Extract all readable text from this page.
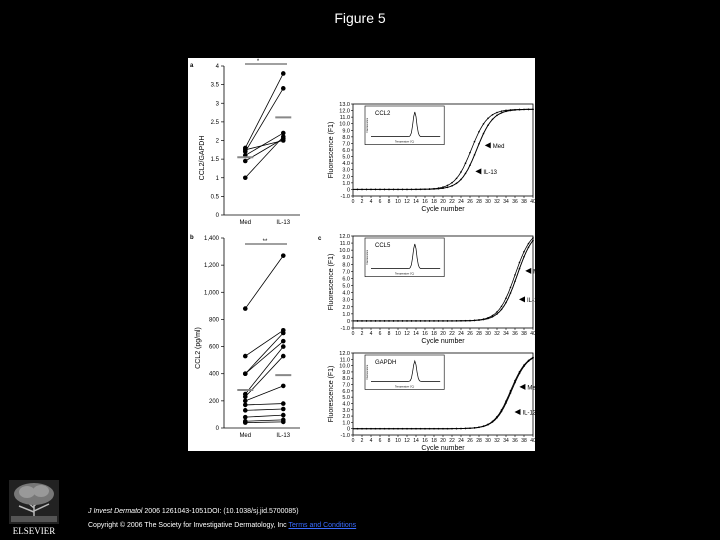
Figure 5
a
CCL2/GAPDH
*
b
CCL2 (pg/ml)
**	c
0
0.5
1
1.5
2
2.5
3
3.5
4
Med	IL-13
0
200
400
600
800
1,000
1,200
1,400
Med	IL-13
-1.0
0
1.0
2.0
3.0
4.0
5.0
6.0
7.0
8.0
9.0
10.0
11.0
12.0
13.0
0 2 4 6 8 10 12 14 16 18 20 22 24 26 28 30 32 34 36 38 40
Cycle number
Fluorescence (F1)	Med
IL-13
CCL2
Temperature (°C)
Fluorescence
-1.0
0
1.0
2.0
3.0
4.0
5.0
6.0
7.0
8.0
9.0
10.0
11.0
12.0
0 2 4 6 8 10 12 14 16 18 20 22 24 26 28 30 32 34 36 38 40
Cycle number
Fluorescence (F1)	Med
IL-13
CCL5
Temperature (°C)
Fluorescence
-1.0
0
1.0
2.0
3.0
4.0
5.0
6.0
7.0
8.0
9.0
10.0
11.0
12.0
0 2 4 6 8 10 12 14 16 18 20 22 24 26 28 30 32 34 36 38 40
Cycle number
Fluorescence (F1)	Med
IL-13
GAPDH
Temperature (°C)
Fluorescence
ELSEVIER
J Invest Dermatol 2006 1261043-1051DOI: (10.1038/sj.jid.5700085)
Copyright © 2006 The Society for Investigative Dermatology, Inc Terms and Conditions
